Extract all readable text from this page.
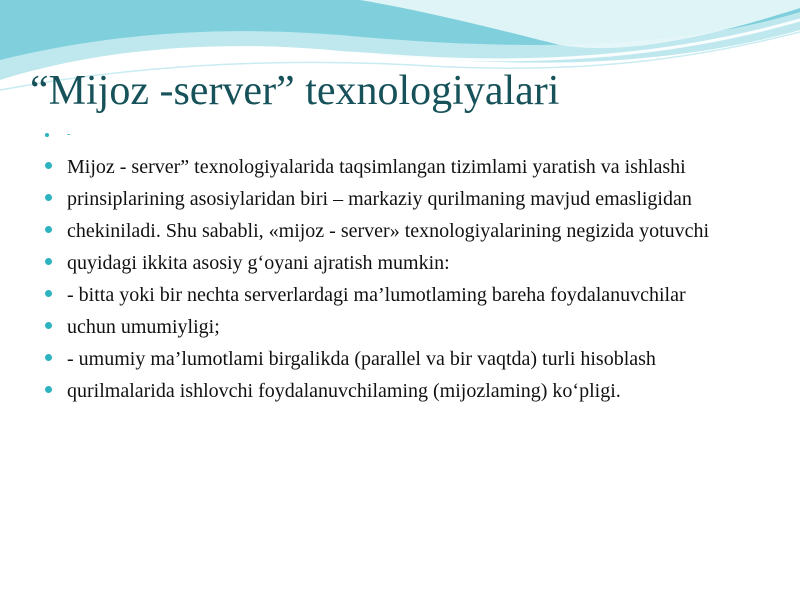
“Mijoz -server” texnologiyalari
-
Mijoz - server” texnologiyalarida taqsimlangan tizimlami yaratish va ishlashi
prinsiplarining asosiylaridan biri – markaziy qurilmaning mavjud emasligidan
chekiniladi. Shu sababli, «mijoz - server» texnologiyalarining negizida yotuvchi
quyidagi ikkita asosiy g‘oyani ajratish mumkin:
- bitta yoki bir nechta serverlardagi ma’lumotlaming bareha foydalanuvchilar
uchun umumiyligi;
- umumiy ma’lumotlami birgalikda (parallel va bir vaqtda) turli hisoblash
qurilmalarida ishlovchi foydalanuvchilaming (mijozlaming) ko‘pligi.
